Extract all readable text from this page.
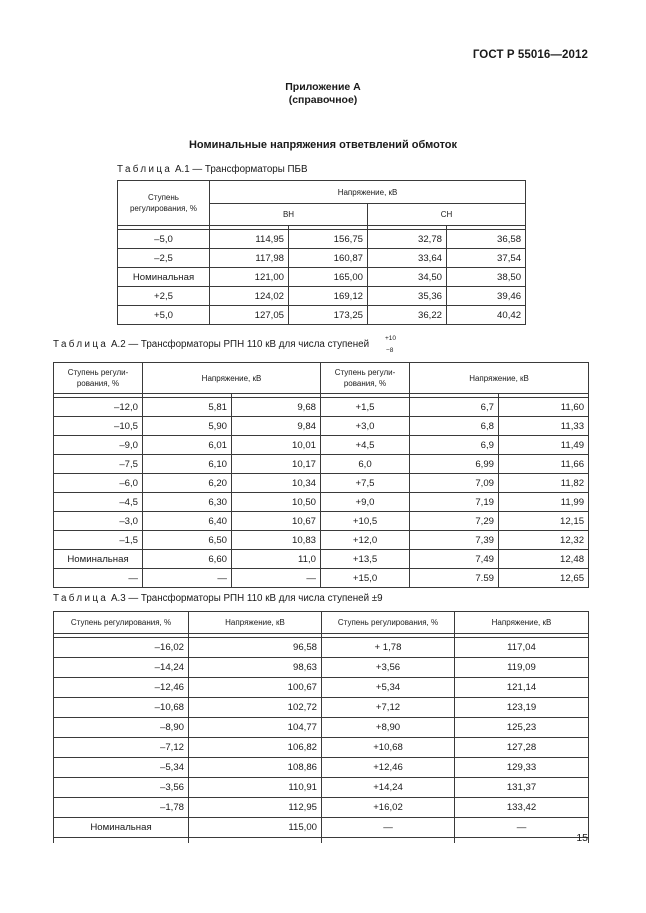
ГОСТ Р 55016—2012
Приложение А
(справочное)
Номинальные напряжения ответвлений обмоток
Таблица А.1 — Трансформаторы ПБВ
Ступень регулирования, %	Напряжение, кВ			
	ВН		СН	

–5,0	114,95	156,75	32,78	36,58
–2,5	117,98	160,87	33,64	37,54
Номинальная	121,00	165,00	34,50	38,50
+2,5	124,02	169,12	35,36	39,46
+5,0	127,05	173,25	36,22	40,42
Таблица А.2 — Трансформаторы РПН 110 кВ для числа ступеней
+10
−8
Ступень регули-рования, %	Напряжение, кВ		Ступень регули-рования, %	Напряжение, кВ	

–12,0	5,81	9,68	+1,5	6,7	11,60
–10,5	5,90	9,84	+3,0	6,8	11,33
–9,0	6,01	10,01	+4,5	6,9	11,49
–7,5	6,10	10,17	6,0	6,99	11,66
–6,0	6,20	10,34	+7,5	7,09	11,82
–4,5	6,30	10,50	+9,0	7,19	11,99
–3,0	6,40	10,67	+10,5	7,29	12,15
–1,5	6,50	10,83	+12,0	7,39	12,32
Номинальная	6,60	11,0	+13,5	7,49	12,48
—	—	—	+15,0	7.59	12,65
Таблица А.3 — Трансформаторы РПН 110 кВ для числа ступеней ±9
Ступень регулирования, %	Напряжение, кВ	Ступень регулирования, %	Напряжение, кВ

–16,02	96,58	+ 1,78	117,04
–14,24	98,63	+3,56	119,09
–12,46	100,67	+5,34	121,14
–10,68	102,72	+7,12	123,19
–8,90	104,77	+8,90	125,23
–7,12	106,82	+10,68	127,28
–5,34	108,86	+12,46	129,33
–3,56	110,91	+14,24	131,37
–1,78	112,95	+16,02	133,42
Номинальная	115,00	—	—

15
